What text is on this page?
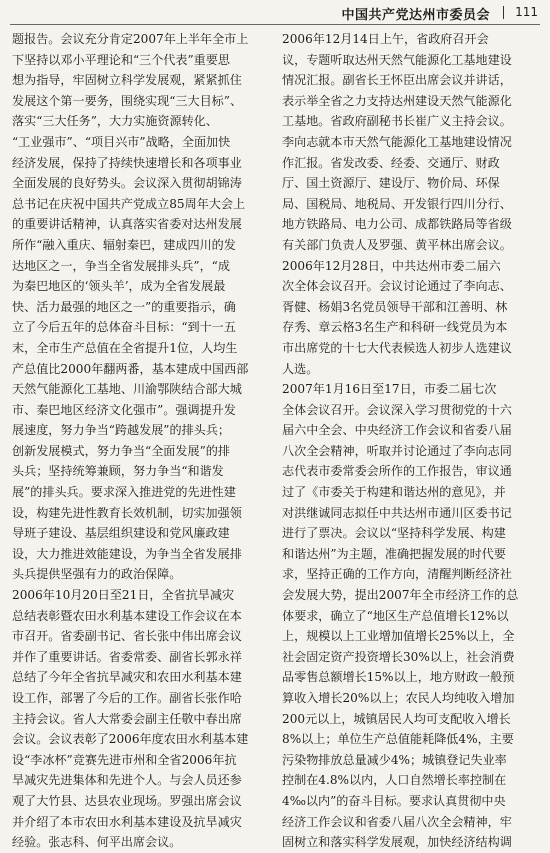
中国共产党达州市委员会 111
题报告。会议充分肯定2007年上半年全市上
下坚持以邓小平理论和“三个代表”重要思
想为指导，牢固树立科学发展观，紧紧抓住
发展这个第一要务，围绕实现“三大目标”、
落实“三大任务”，大力实施资源转化、
“工业强市”、“项目兴市”战略，全面加快
经济发展，保持了持续快速增长和各项事业
全面发展的良好势头。会议深入贯彻胡锦涛
总书记在庆祝中国共产党成立85周年大会上
的重要讲话精神，认真落实省委对达州发展
所作“融入重庆、辐射秦巴，建成四川的发
达地区之一，争当全省发展排头兵”，“成
为秦巴地区的‘领头羊’，成为全省发展最
快、活力最强的地区之一”的重要指示，确
立了今后五年的总体奋斗目标：“到十一五
末，全市生产总值在全省提升1位，人均生
产总值比2000年翻两番，基本建成中国西部
天然气能源化工基地、川渝鄂陕结合部大城
市、秦巴地区经济文化强市”。强调提升发
展速度，努力争当“跨越发展”的排头兵；
创新发展模式，努力争当“全面发展”的排
头兵；坚持统筹兼顾，努力争当“和谐发
展”的排头兵。要求深入推进党的先进性建
设，构建先进性教育长效机制，切实加强领
导班子建设、基层组织建设和党风廉政建
设，大力推进效能建设，为争当全省发展排
头兵提供坚强有力的政治保障。
2006年10月20日至21日，全省抗旱减灾
总结表彰暨农田水利基本建设工作会议在本
市召开。省委副书记、省长张中伟出席会议
并作了重要讲话。省委常委、副省长郭永祥
总结了今年全省抗旱减灾和农田水利基本建
设工作，部署了今后的工作。副省长张作哈
主持会议。省人大常委会副主任敬中春出席
会议。会议表彰了2006年度农田水利基本建
设“李冰杯”竞赛先进市州和全省2006年抗
旱减灾先进集体和先进个人。与会人员还参
观了大竹县、达县农业现场。罗强出席会议
并介绍了本市农田水利基本建设及抗旱减灾
经验。张志科、何平出席会议。
2006年12月14日上午，省政府召开会
议，专题听取达州天然气能源化工基地建设
情况汇报。副省长王怀臣出席会议并讲话，
表示举全省之力支持达州建设天然气能源化
工基地。省政府副秘书长崔广义主持会议。
李向志就本市天然气能源化工基地建设情况
作汇报。省发改委、经委、交通厅、财政
厅、国土资源厅、建设厅、物价局、环保
局、国税局、地税局、开发银行四川分行、
地方铁路局、电力公司、成都铁路局等省级
有关部门负责人及罗强、黄平林出席会议。
2006年12月28日，中共达州市委二届六
次全体会议召开。会议讨论通过了李向志、
胥健、杨娟3名党员领导干部和江善明、林
存秀、章云格3名生产和科研一线党员为本
市出席党的十七大代表候选人初步人选建议
人选。
2007年1月16日至17日，市委二届七次
全体会议召开。会议深入学习贯彻党的十六
届六中全会、中央经济工作会议和省委八届
八次全会精神，听取并讨论通过了李向志同
志代表市委常委会所作的工作报告，审议通
过了《市委关于构建和谐达州的意见》，并
对洪继诚同志拟任中共达州市通川区委书记
进行了票决。会议以“坚持科学发展、构建
和谐达州”为主题，准确把握发展的时代要
求，坚持正确的工作方向，清醒判断经济社
会发展大势，提出2007年全市经济工作的总
体要求，确立了“地区生产总值增长12%以
上，规模以上工业增加值增长25%以上，全
社会固定资产投资增长30%以上，社会消费
品零售总额增长15%以上，地方财政一般预
算收入增长20%以上；农民人均纯收入增加
200元以上，城镇居民人均可支配收入增长
8%以上；单位生产总值能耗降低4%，主要
污染物排放总量减少4%；城镇登记失业率
控制在4.8%以内，人口自然增长率控制在
4‰以内”的奋斗目标。要求认真贯彻中央
经济工作会议和省委八届八次全会精神，牢
固树立和落实科学发展观，加快经济结构调
